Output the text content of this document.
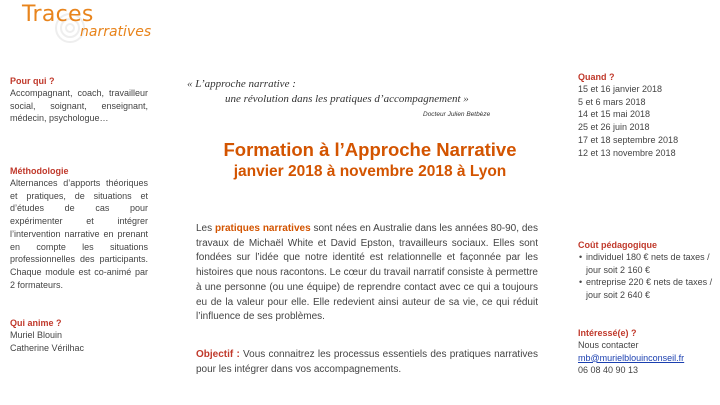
Traces
narratives
Pour qui ?
Accompagnant, coach, travailleur social, soignant, enseignant, médecin, psychologue…
Méthodologie
Alternances d’apports théoriques et pratiques, de situations et d’études de cas pour expérimenter et intégrer l’intervention narrative en prenant en compte les situations professionnelles des participants. Chaque module est co-animé par 2 formateurs.
Qui anime ?
Muriel Blouin
Catherine Vérilhac
« L’approche narrative :
une révolution dans les pratiques d’accompagnement »
Docteur Julien Betbèze
Formation à l’Approche Narrative
janvier 2018 à novembre 2018 à Lyon
Les pratiques narratives sont nées en Australie dans les années 80-90, des travaux de Michaël White et David Epston, travailleurs sociaux. Elles sont fondées sur l’idée que notre identité est relationnelle et façonnée par les histoires que nous racontons. Le cœur du travail narratif consiste à permettre à une personne (ou une équipe) de reprendre contact avec ce qui a toujours eu de la valeur pour elle. Elle redevient ainsi auteur de sa vie, ce qui réduit l’influence de ses problèmes.
Objectif : Vous connaitrez les processus essentiels des pratiques narratives pour les intégrer dans vos accompagnements.
Quand ?
15 et 16 janvier 2018
5 et 6 mars 2018
14 et 15 mai 2018
25 et 26 juin 2018
17 et 18 septembre 2018
12 et 13 novembre 2018
Coût pédagogique
• individuel 180 € nets de taxes / jour soit 2 160 €
• entreprise 220 € nets de taxes / jour soit 2 640 €
Intéressé(e) ?
Nous contacter
mb@murielblouinconseil.fr
06 08 40 90 13
